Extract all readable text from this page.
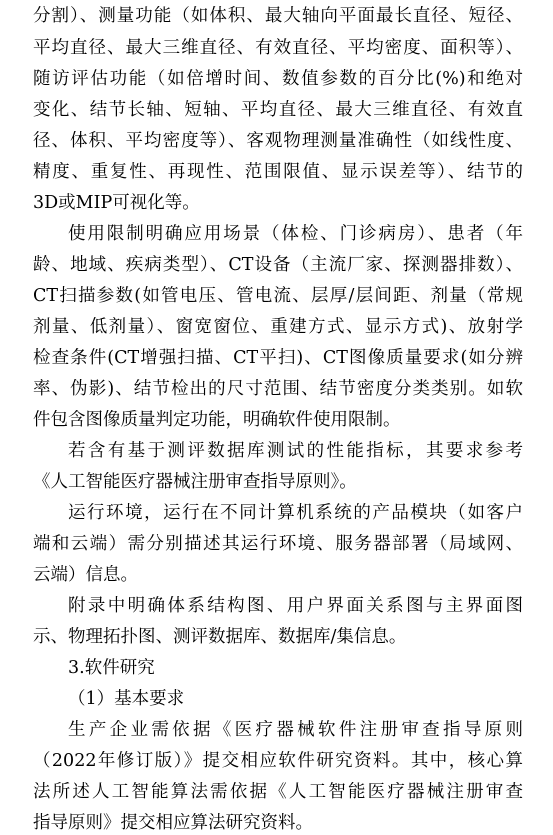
分割）、测量功能（如体积、最大轴向平面最长直径、短径、
平均直径、最大三维直径、有效直径、平均密度、面积等）、
随访评估功能（如倍增时间、数值参数的百分比(%)和绝对
变化、结节长轴、短轴、平均直径、最大三维直径、有效直
径、体积、平均密度等）、客观物理测量准确性（如线性度、
精度、重复性、再现性、范围限值、显示误差等）、结节的
3D或MIP可视化等。
使用限制明确应用场景（体检、门诊病房）、患者（年
龄、地域、疾病类型）、CT设备（主流厂家、探测器排数）、
CT扫描参数(如管电压、管电流、层厚/层间距、剂量（常规
剂量、低剂量）、窗宽窗位、重建方式、显示方式)、放射学
检查条件(CT增强扫描、CT平扫)、CT图像质量要求(如分辨
率、伪影)、结节检出的尺寸范围、结节密度分类类别。如软
件包含图像质量判定功能，明确软件使用限制。
若含有基于测评数据库测试的性能指标，其要求参考
《人工智能医疗器械注册审查指导原则》。
运行环境，运行在不同计算机系统的产品模块（如客户
端和云端）需分别描述其运行环境、服务器部署（局域网、
云端）信息。
附录中明确体系结构图、用户界面关系图与主界面图
示、物理拓扑图、测评数据库、数据库/集信息。
3.软件研究
（1）基本要求
生产企业需依据《医疗器械软件注册审查指导原则
（2022年修订版）》提交相应软件研究资料。其中，核心算
法所述人工智能算法需依据《人工智能医疗器械注册审查
指导原则》提交相应算法研究资料。
